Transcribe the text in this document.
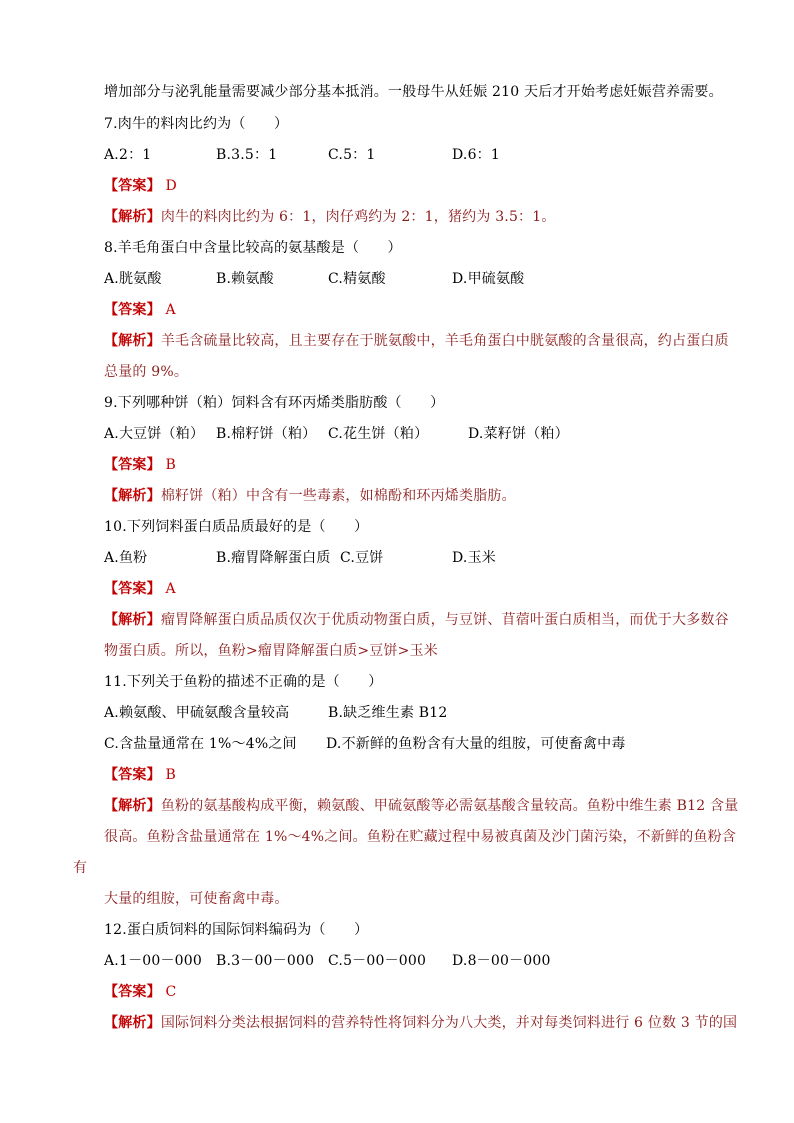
增加部分与泌乳能量需要减少部分基本抵消。一般母牛从妊娠 210 天后才开始考虑妊娠营养需要。
7.肉牛的料肉比约为（　　）
A.2：1	B.3.5：1	C.5：1	D.6：1
【答案】 D
【解析】肉牛的料肉比约为 6：1，肉仔鸡约为 2：1，猪约为 3.5：1。
8.羊毛角蛋白中含量比较高的氨基酸是（　　）
A.胱氨酸	B.赖氨酸	C.精氨酸	D.甲硫氨酸
【答案】 A
【解析】羊毛含硫量比较高，且主要存在于胱氨酸中，羊毛角蛋白中胱氨酸的含量很高，约占蛋白质
总量的 9%。
9.下列哪种饼（粕）饲料含有环丙烯类脂肪酸（　　）
A.大豆饼（粕） B.棉籽饼（粕） C.花生饼（粕）	D.菜籽饼（粕）
【答案】 B
【解析】棉籽饼（粕）中含有一些毒素，如棉酚和环丙烯类脂肪。
10.下列饲料蛋白质品质最好的是（　　）
A.鱼粉	B.瘤胃降解蛋白质 C.豆饼	D.玉米
【答案】 A
【解析】瘤胃降解蛋白质品质仅次于优质动物蛋白质，与豆饼、苜蓿叶蛋白质相当，而优于大多数谷
物蛋白质。所以，鱼粉>瘤胃降解蛋白质>豆饼>玉米
11.下列关于鱼粉的描述不正确的是（　　）
A.赖氨酸、甲硫氨酸含量较高	B.缺乏维生素 B12
C.含盐量通常在 1%～4%之间 D.不新鲜的鱼粉含有大量的组胺，可使畜禽中毒
【答案】 B
【解析】鱼粉的氨基酸构成平衡，赖氨酸、甲硫氨酸等必需氨基酸含量较高。鱼粉中维生素 B12 含量
很高。鱼粉含盐量通常在 1%～4%之间。鱼粉在贮藏过程中易被真菌及沙门菌污染，不新鲜的鱼粉含
有
大量的组胺，可使畜禽中毒。
12.蛋白质饲料的国际饲料编码为（　　）
A.1－00－000 B.3－00－000 C.5－00－000 D.8－00－000
【答案】 C
【解析】国际饲料分类法根据饲料的营养特性将饲料分为八大类，并对每类饲料进行 6 位数 3 节的国
